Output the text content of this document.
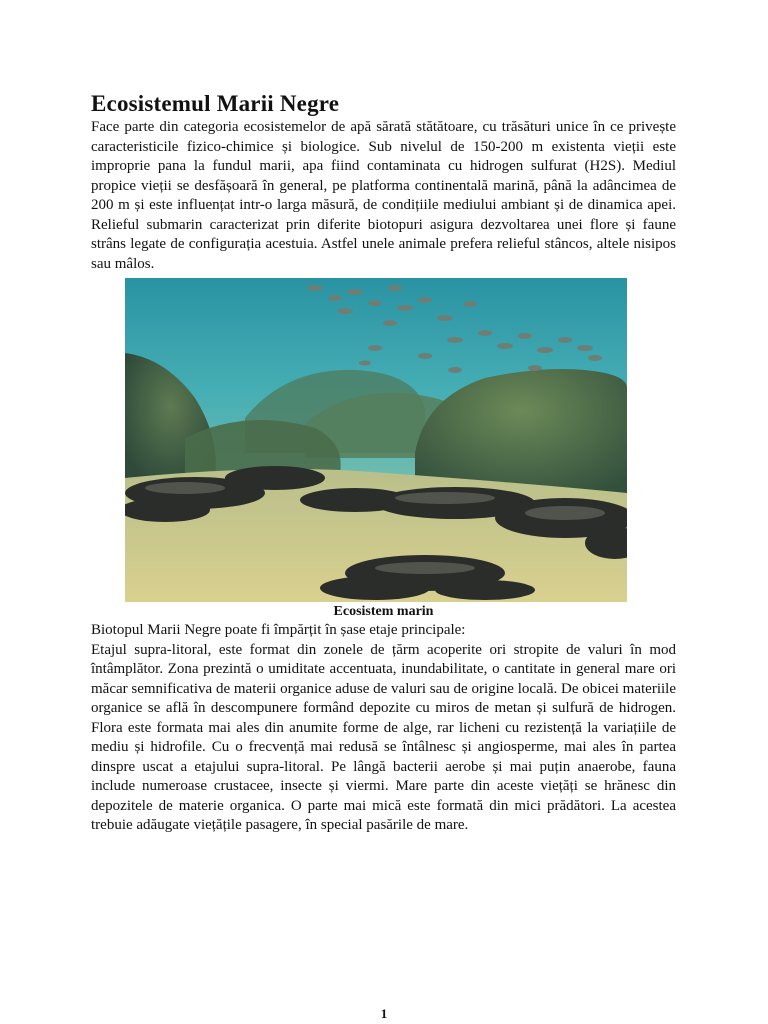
Ecosistemul Marii Negre

Face parte din categoria ecosistemelor de apă sărată stătătoare, cu trăsături unice în ce privește caracteristicile fizico-chimice și biologice. Sub nivelul de 150-200 m existenta vieții este improprie pana la fundul marii, apa fiind contaminata cu hidrogen sulfurat (H2S). Mediul propice vieții se desfășoară în general, pe platforma continentală marină, până la adâncimea de 200 m și este influențat intr-o larga măsură, de condițiile mediului ambiant și de dinamica apei. Relieful submarin caracterizat prin diferite biotopuri asigura dezvoltarea unei flore și faune strâns legate de configurația acestuia. Astfel unele animale prefera relieful stâncos, altele nisipos sau mâlos.

Ecosistem marin

Biotopul Marii Negre poate fi împărțit în șase etaje principale:

Etajul supra-litoral, este format din zonele de țărm acoperite ori stropite de valuri în mod întâmplător. Zona prezintă o umiditate accentuata, inundabilitate, o cantitate in general mare ori măcar semnificativa de materii organice aduse de valuri sau de origine locală. De obicei materiile organice se află în descompunere formând depozite cu miros de metan și sulfură de hidrogen. Flora este formata mai ales din anumite forme de alge, rar licheni cu rezistență la variațiile de mediu și hidrofile. Cu o frecvență mai redusă se întâlnesc și angiosperme, mai ales în partea dinspre uscat a etajului supra-litoral. Pe lângă bacterii aerobe și mai puțin anaerobe, fauna include numeroase crustacee, insecte și viermi. Mare parte din aceste viețăți se hrănesc din depozitele de materie organica. O parte mai mică este formată din mici prădători. La acestea trebuie adăugate viețățile pasagere, în special pasările de mare.

1
